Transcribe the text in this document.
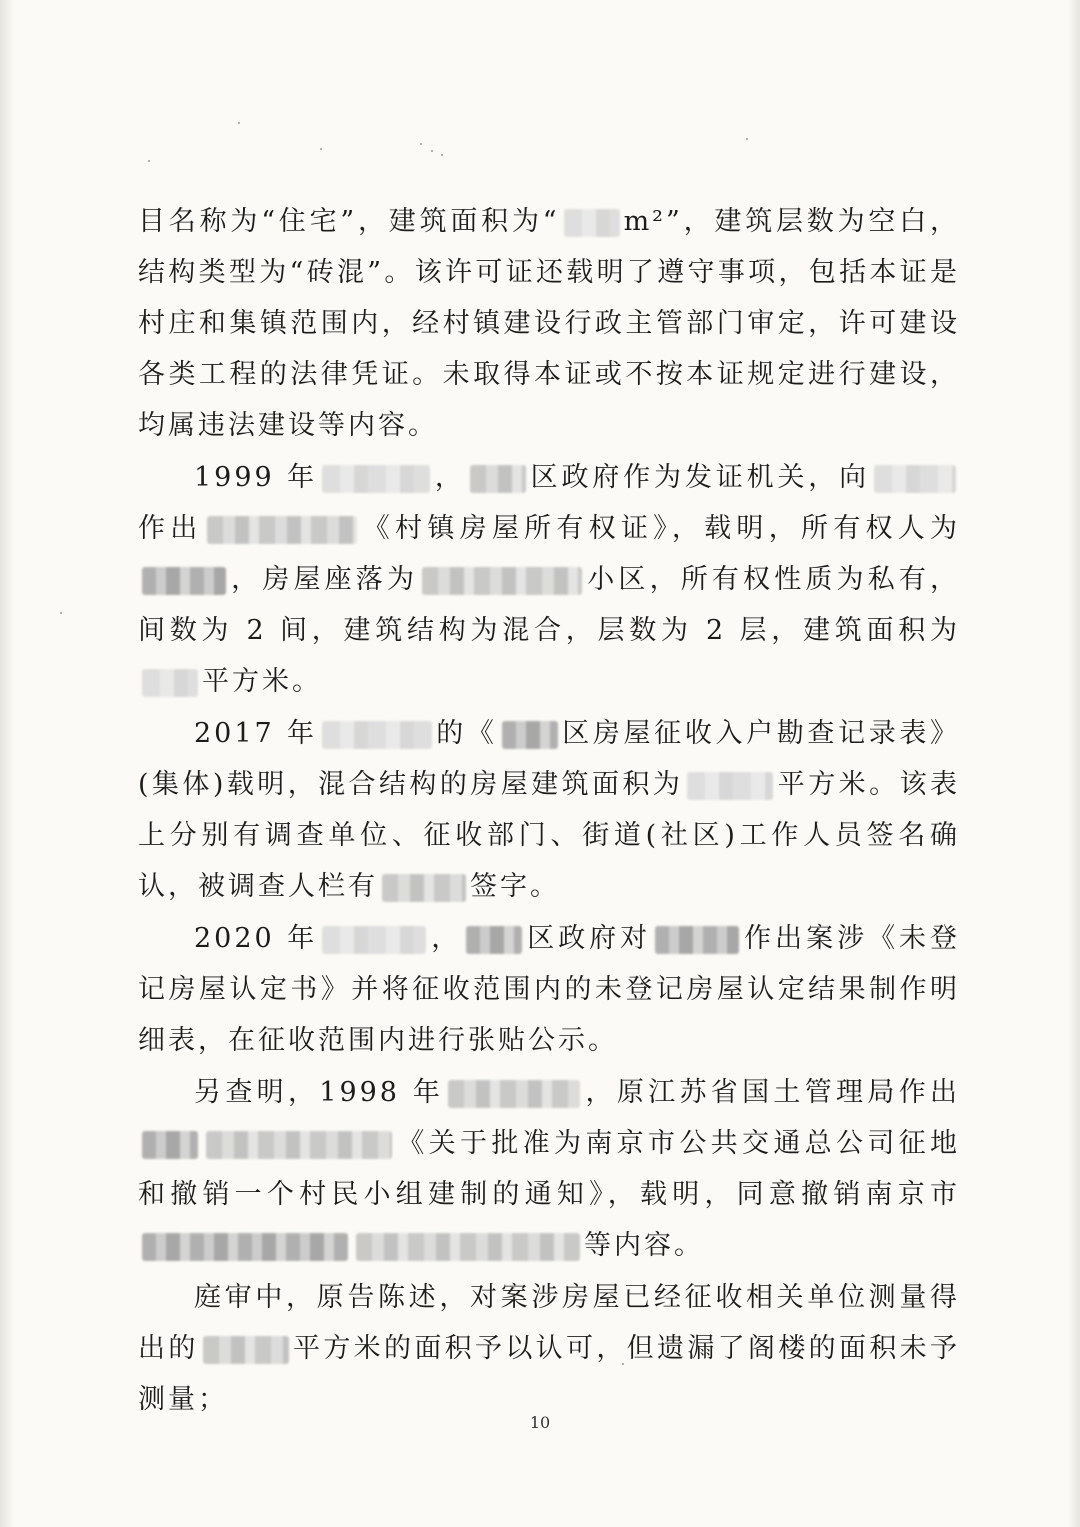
目名称为“住宅”，建筑面积为“ m²”，建筑层数为空白，结构类型为“砖混”。该许可证还载明了遵守事项，包括本证是村庄和集镇范围内，经村镇建设行政主管部门审定，许可建设各类工程的法律凭证。未取得本证或不按本证规定进行建设，均属违法建设等内容。

1999 年	， 区政府作为发证机关，向作出	《村镇房屋所有权证》，载明，所有权人为，房屋座落为	小区，所有权性质为私有，间数为 2 间，建筑结构为混合，层数为 2 层，建筑面积为平方米。

2017 年	的《 区房屋征收入户勘查记录表》(集体)载明，混合结构的房屋建筑面积为	平方米。该表上分别有调查单位、征收部门、街道(社区)工作人员签名确认，被调查人栏有	签字。

2020 年	， 区政府对	作出案涉《未登记房屋认定书》并将征收范围内的未登记房屋认定结果制作明细表，在征收范围内进行张贴公示。

另查明，1998 年	，原江苏省国土管理局作出《关于批准为南京市公共交通总公司征地和撤销一个村民小组建制的通知》，载明，同意撤销南京市等内容。

庭审中，原告陈述，对案涉房屋已经征收相关单位测量得出的	平方米的面积予以认可，但遗漏了阁楼的面积未予测量；

10
